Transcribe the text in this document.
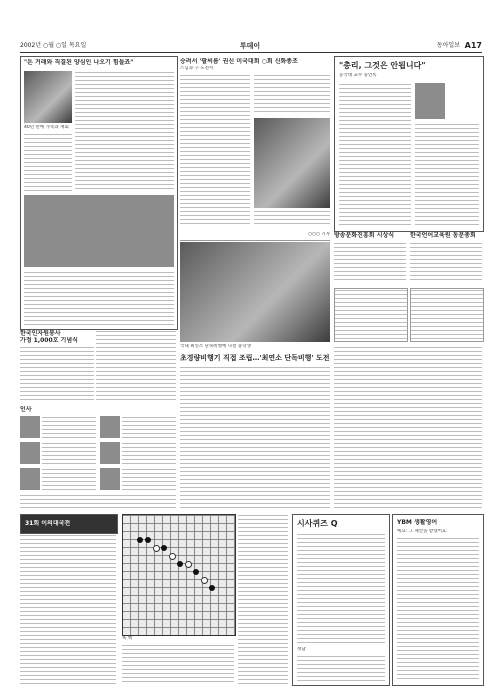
2002년 ○월 ○일 목요일	투데이	동아일보 A17
"돈 거래와 직결된 양심인 나오기 힘들죠"
40년 만에 가족과 재회
한국인자원봉사
가정 1,000호 기념식
인사
승려서 '팔씨름' 권신 미국대회 ○회 신화종조
스님과 구 도전서	"총리, 그것은 안됩니다"
동국대 교수 증언록
○○○ 기자
국내 최연소 단독비행에 나설 중학생
초경량비행기 직접 조립…'최연소 단독비행' 도전
방송문화진흥회 시상식	한국언어교육원 동문총회
31회 이의대국전
흑 백
시사퀴즈 Q
정답
YBM 생활영어
에요: 그 제안을 받겠어요.
